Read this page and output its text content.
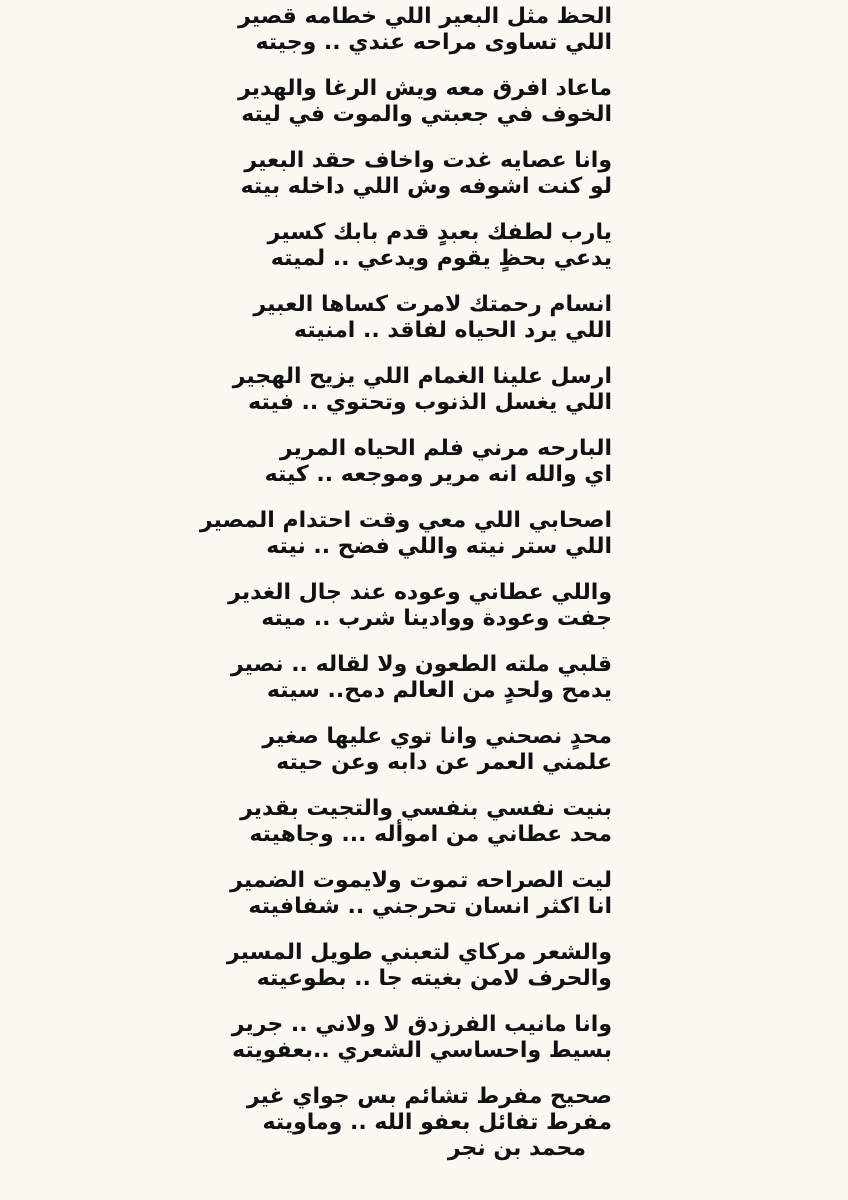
الحظ مثل البعير اللي خطامه قصير
اللي تساوى مراحه عندي .. وجيته
ماعاد افرق معه ويش الرغا والهدير
الخوف في جعبتي والموت في ليته
وانا عصايه غدت واخاف حقد البعير
لو كنت اشوفه وش اللي داخله بيته
يارب لطفك بعبدٍ قدم بابك كسير
يدعي بحظٍ يقوم ويدعي .. لميته
انسام رحمتك لامرت كساها العبير
اللي يرد الحياه لفاقد .. امنيته
ارسل علينا الغمام اللي يزيح الهجير
اللي يغسل الذنوب وتحتوي .. فيته
البارحه مرني فلم الحياه المرير
اي والله انه مرير وموجعه .. كيته
اصحابي اللي معي وقت احتدام المصير
اللي ستر نيته واللي فضح .. نيته
واللي عطاني وعوده عند جال الغدير
جفت وعودة ووادينا شرب .. ميته
قلبي ملته الطعون ولا لقاله .. نصير
يدمح ولحدٍ من العالم دمح.. سيته
محدٍ نصحني وانا توي عليها صغير
علمني العمر عن دابه وعن حيته
بنيت نفسي بنفسي والتجيت بقدير
محد عطاني من اموأله ... وجاهيته
ليت الصراحه تموت ولايموت الضمير
انا اكثر انسان تحرجني .. شفافيته
والشعر مركاي لتعبني طويل المسير
والحرف لامن بغيته جا .. بطوعيته
وانا مانيب الفرزدق لا ولاني .. جرير
بسيط واحساسي الشعري ..بعفويته
صحيح مفرط تشائم بس جواي غير
مفرط تفائل بعفو الله .. وماويته
محمد بن نجر
